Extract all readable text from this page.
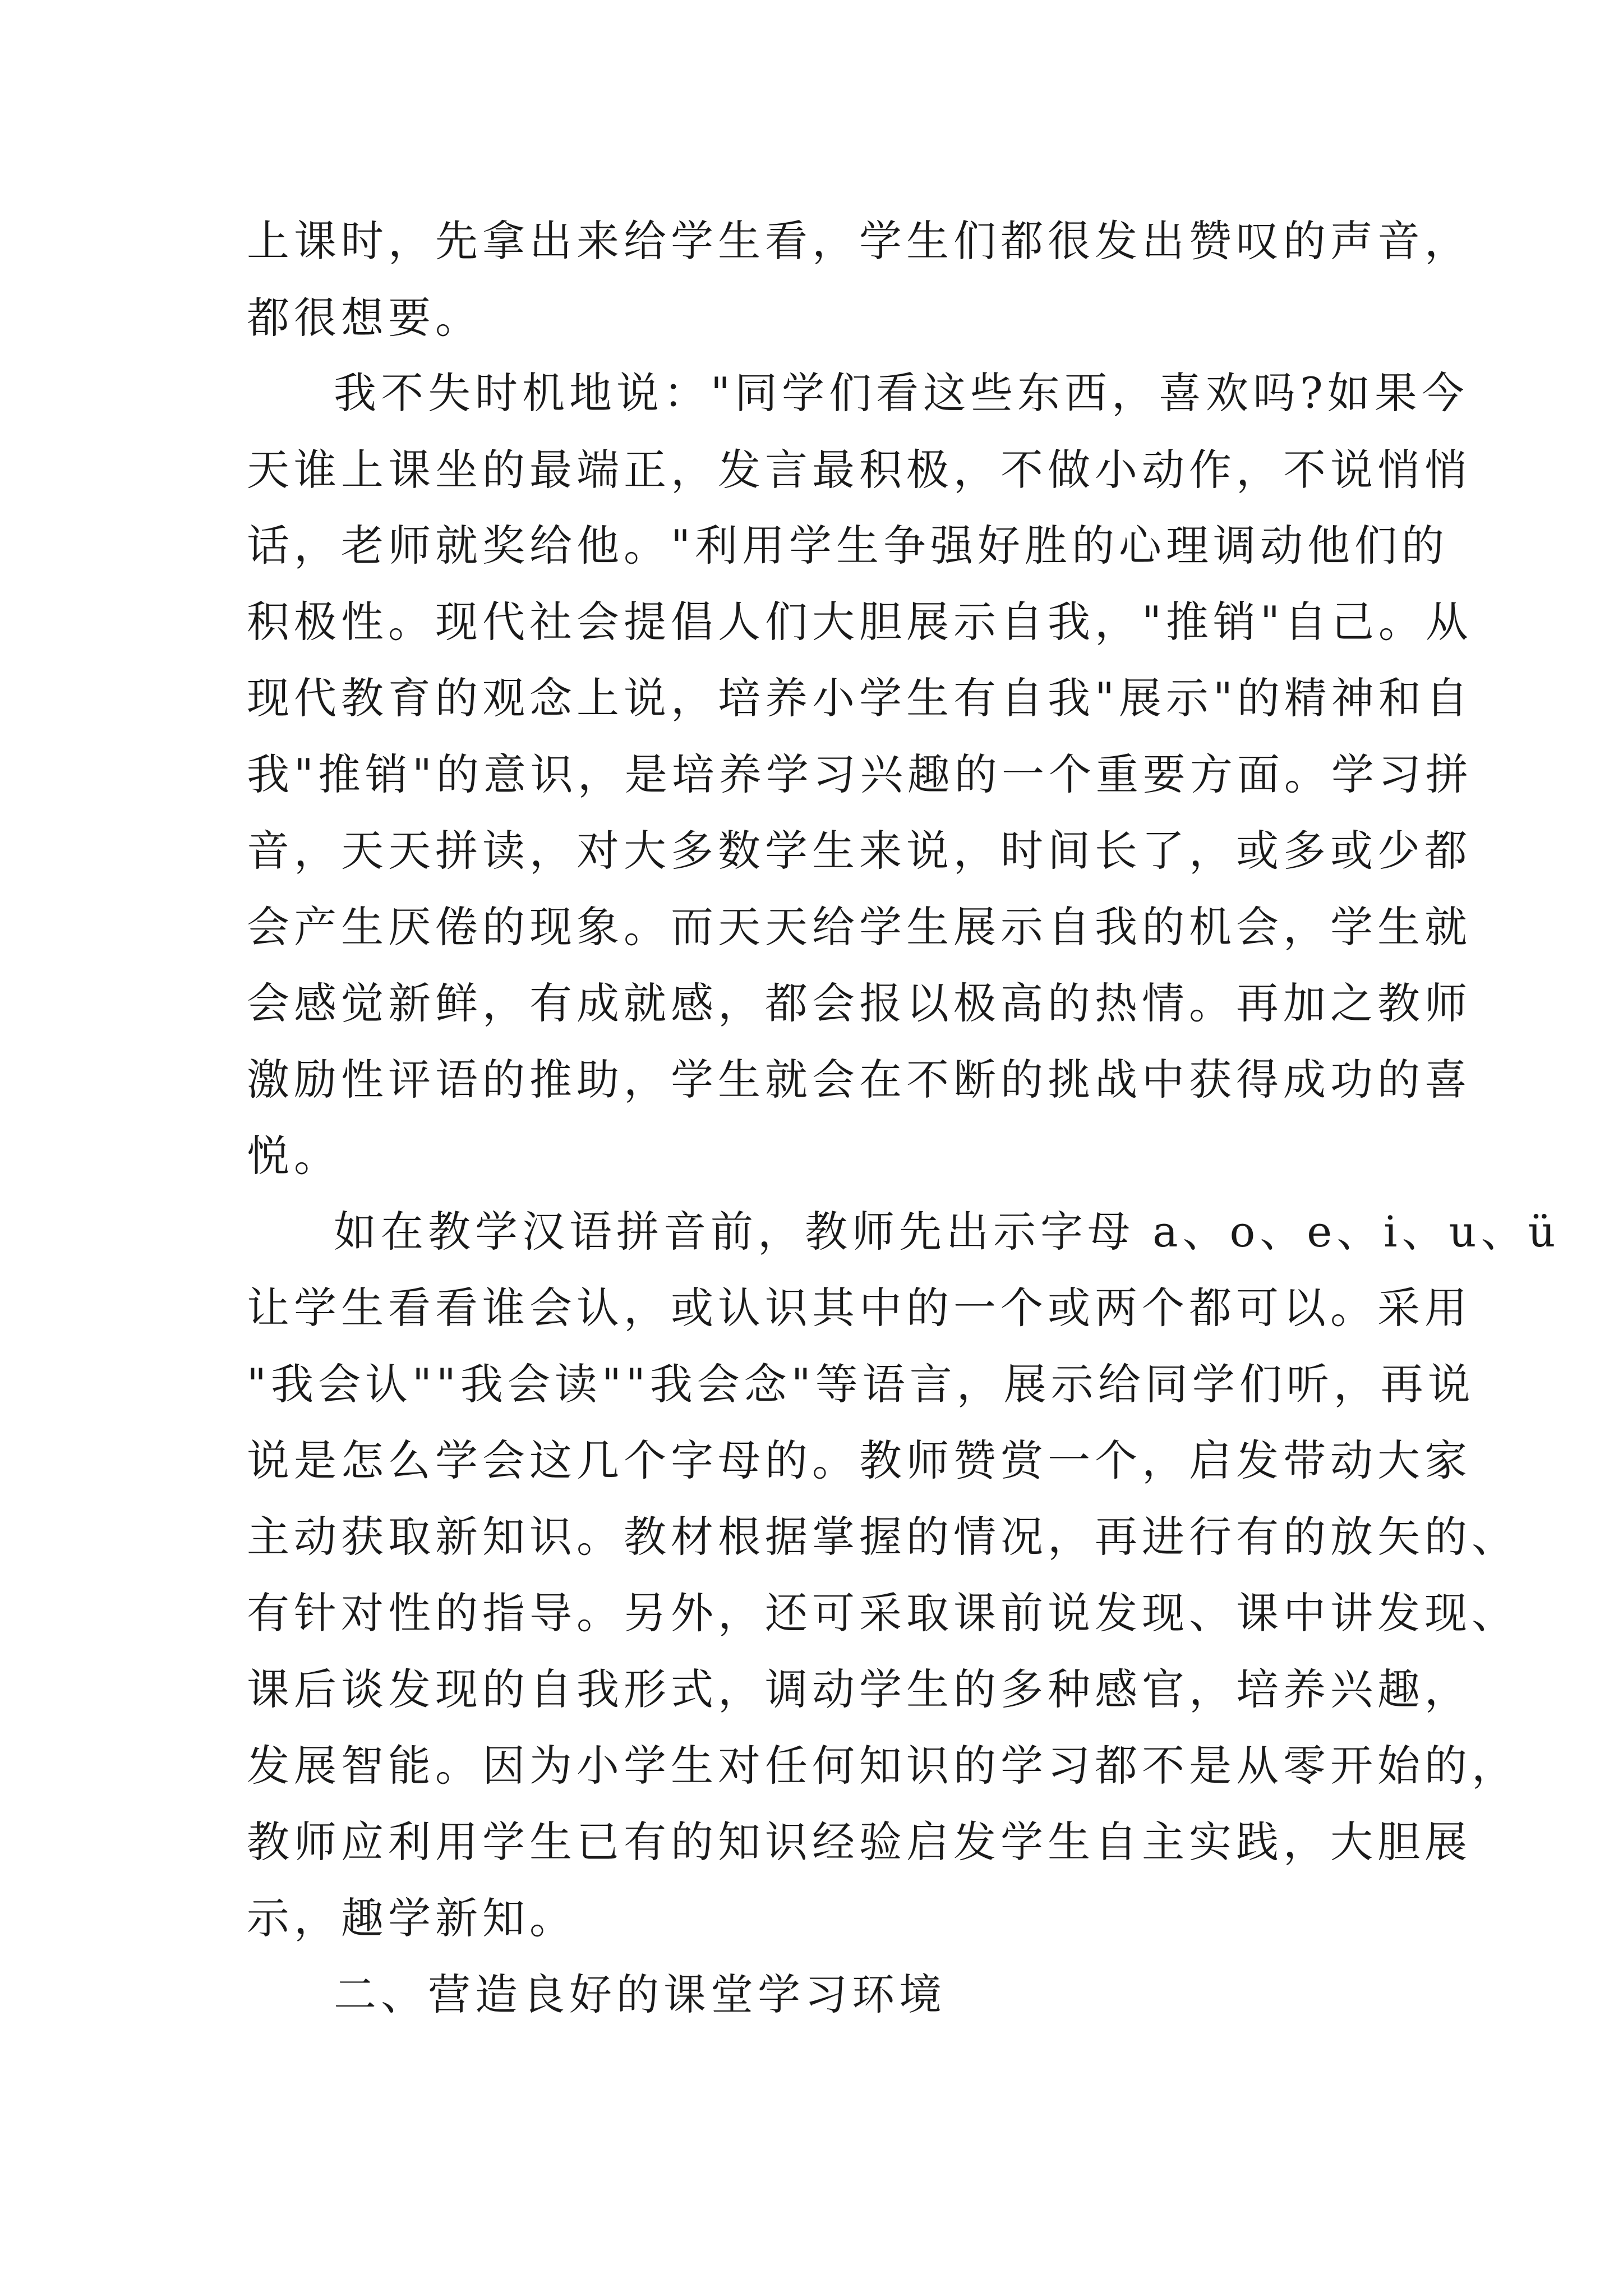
上课时，先拿出来给学生看，学生们都很发出赞叹的声音，
都很想要。
我不失时机地说："同学们看这些东西，喜欢吗?如果今
天谁上课坐的最端正，发言最积极，不做小动作，不说悄悄
话，老师就奖给他。"利用学生争强好胜的心理调动他们的
积极性。现代社会提倡人们大胆展示自我，"推销"自己。从
现代教育的观念上说，培养小学生有自我"展示"的精神和自
我"推销"的意识，是培养学习兴趣的一个重要方面。学习拼
音，天天拼读，对大多数学生来说，时间长了，或多或少都
会产生厌倦的现象。而天天给学生展示自我的机会，学生就
会感觉新鲜，有成就感，都会报以极高的热情。再加之教师
激励性评语的推助，学生就会在不断的挑战中获得成功的喜
悦。
如在教学汉语拼音前，教师先出示字母 a、o、e、i、u、ü
让学生看看谁会认，或认识其中的一个或两个都可以。采用
"我会认""我会读""我会念"等语言，展示给同学们听，再说
说是怎么学会这几个字母的。教师赞赏一个，启发带动大家
主动获取新知识。教材根据掌握的情况，再进行有的放矢的、
有针对性的指导。另外，还可采取课前说发现、课中讲发现、
课后谈发现的自我形式，调动学生的多种感官，培养兴趣，
发展智能。因为小学生对任何知识的学习都不是从零开始的，
教师应利用学生已有的知识经验启发学生自主实践，大胆展
示，趣学新知。
二、营造良好的课堂学习环境
